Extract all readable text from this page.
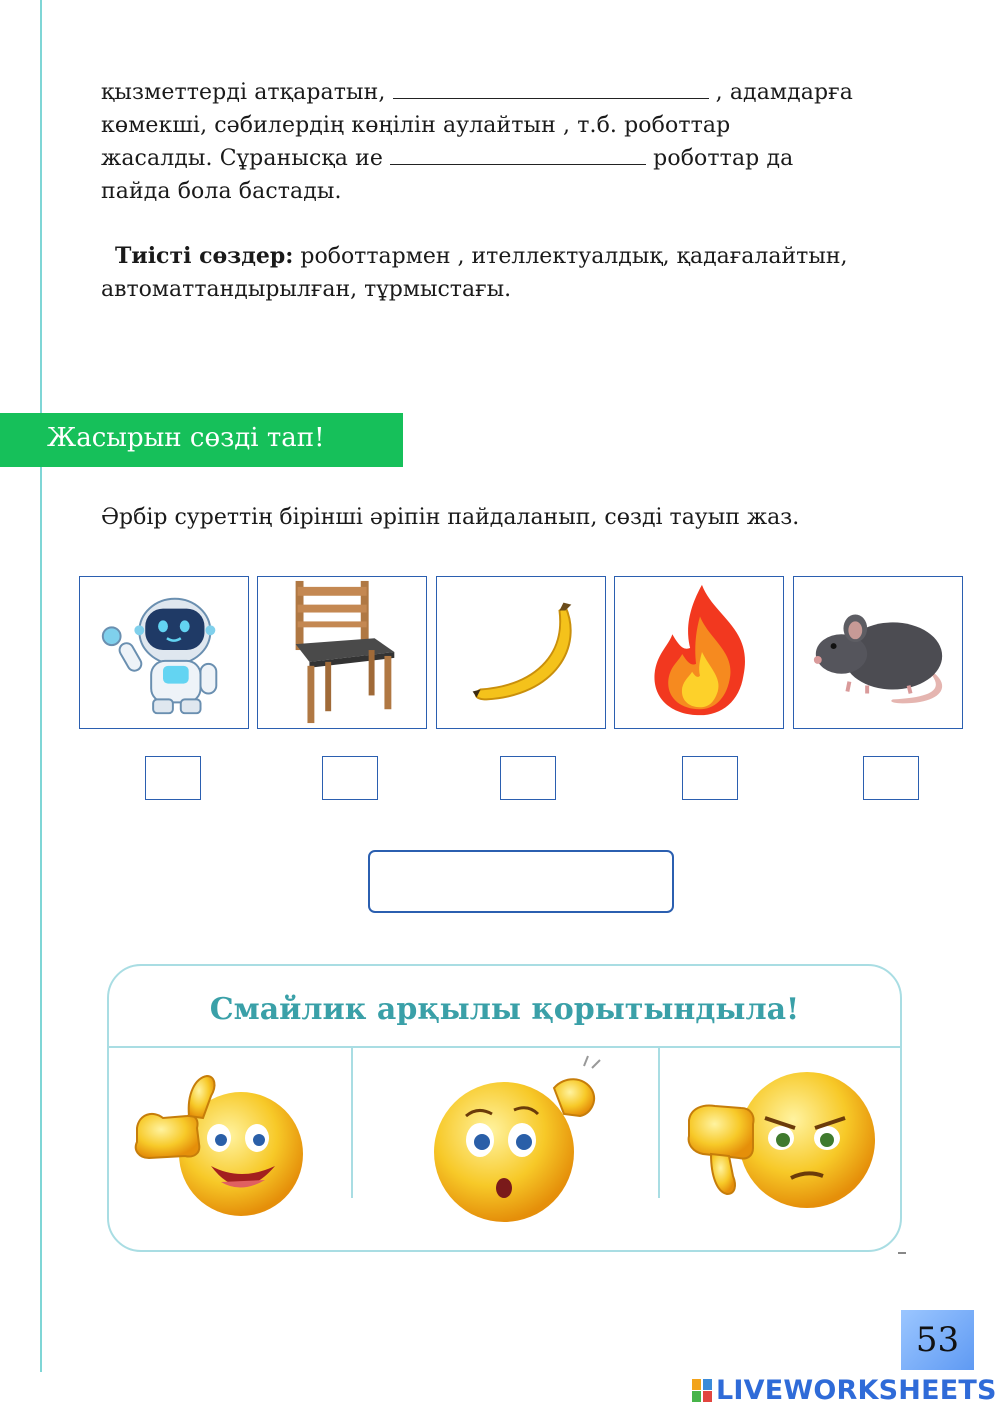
қызметтерді атқаратын,	, адамдарға
көмекші, сәбилердің көңілін аулайтын , т.б. роботтар
жасалды. Сұранысқа ие	роботтар да
пайда бола бастады.
Тиісті сөздер: роботтармен , ителлектуалдық, қадағалайтын,
автоматтандырылған, тұрмыстағы.
Жасырын сөзді тап!
Әрбір суреттің бірінші әріпін пайдаланып, сөзді тауып жаз.
Смайлик арқылы қорытындыла!
53
LIVEWORKSHEETS
